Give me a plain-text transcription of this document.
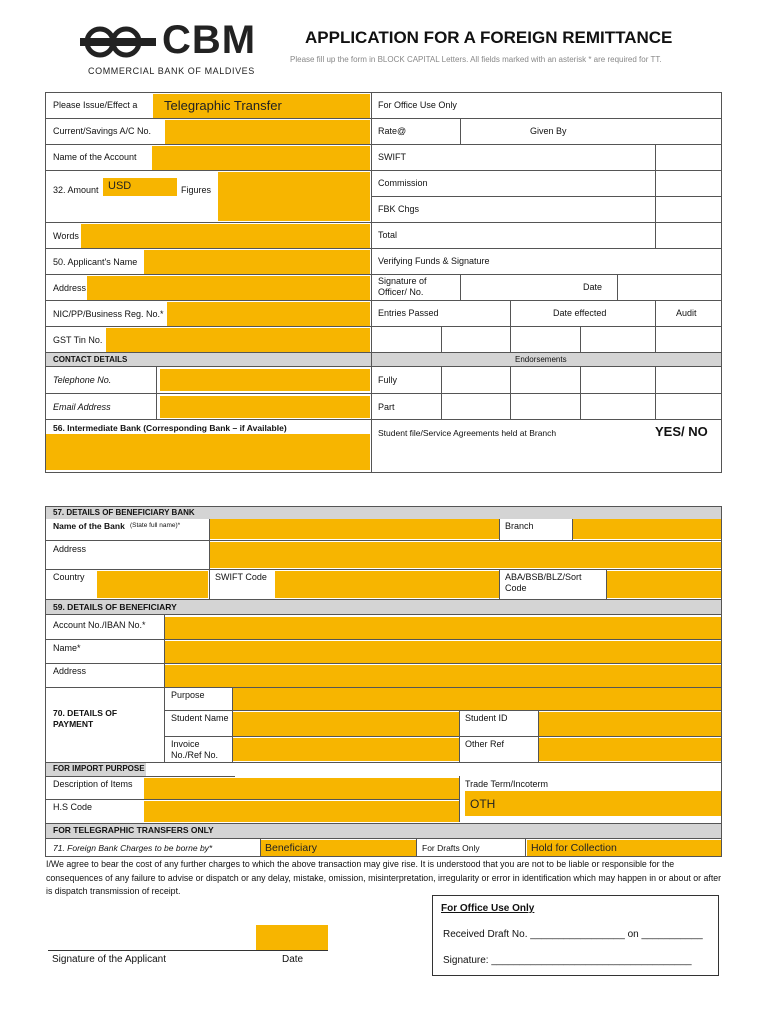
CBM
COMMERCIAL BANK OF MALDIVES
APPLICATION FOR A FOREIGN REMITTANCE
Please fill up the form in BLOCK CAPITAL Letters. All fields marked with an asterisk * are required for TT.
Please Issue/Effect a Telegraphic Transfer
Current/Savings A/C No.
Name of the Account
32. Amount USD	Figures
Words
50. Applicant's Name
Address
NIC/PP/Business Reg. No.*
GST Tin No.
CONTACT DETAILS
Telephone No.
Email Address
56. Intermediate Bank (Corresponding Bank – if Available)
For Office Use Only
Rate@	Given By
SWIFT
Commission
FBK Chgs
Total
Verifying Funds & Signature
Signature of Officer/ No.
Date
Entries Passed	Date effected	Audit
Endorsements
Fully
Part
Student file/Service Agreements held at Branch	YES/ NO
57. DETAILS OF BENEFICIARY BANK
Name of the Bank (State full name)*	Branch
Address
Country	SWIFT Code	ABA/BSB/BLZ/Sort Code
59. DETAILS OF BENEFICIARY
Account No./IBAN No.*
Name*
Address
70. DETAILS OF PAYMENT
Purpose
Student Name	Student ID
Invoice No./Ref No.
Other Ref
FOR IMPORT PURPOSE
Description of Items	Trade Term/Incoterm
H.S Code	OTH
FOR TELEGRAPHIC TRANSFERS ONLY
71. Foreign Bank Charges to be borne by*	Beneficiary	For Drafts Only	Hold for Collection
I/We agree to bear the cost of any further charges to which the above transaction may give rise. It is understood that you are not to be liable or responsible for the consequences of any failure to advise or dispatch or any delay, mistake, omission, misinterpretation, irregularity or error in identification which may happen in or about or after is dispatch transmission of receipt.
Signature of the Applicant	Date
For Office Use Only
Received Draft No. _________________ on ___________
Signature: ____________________________________
